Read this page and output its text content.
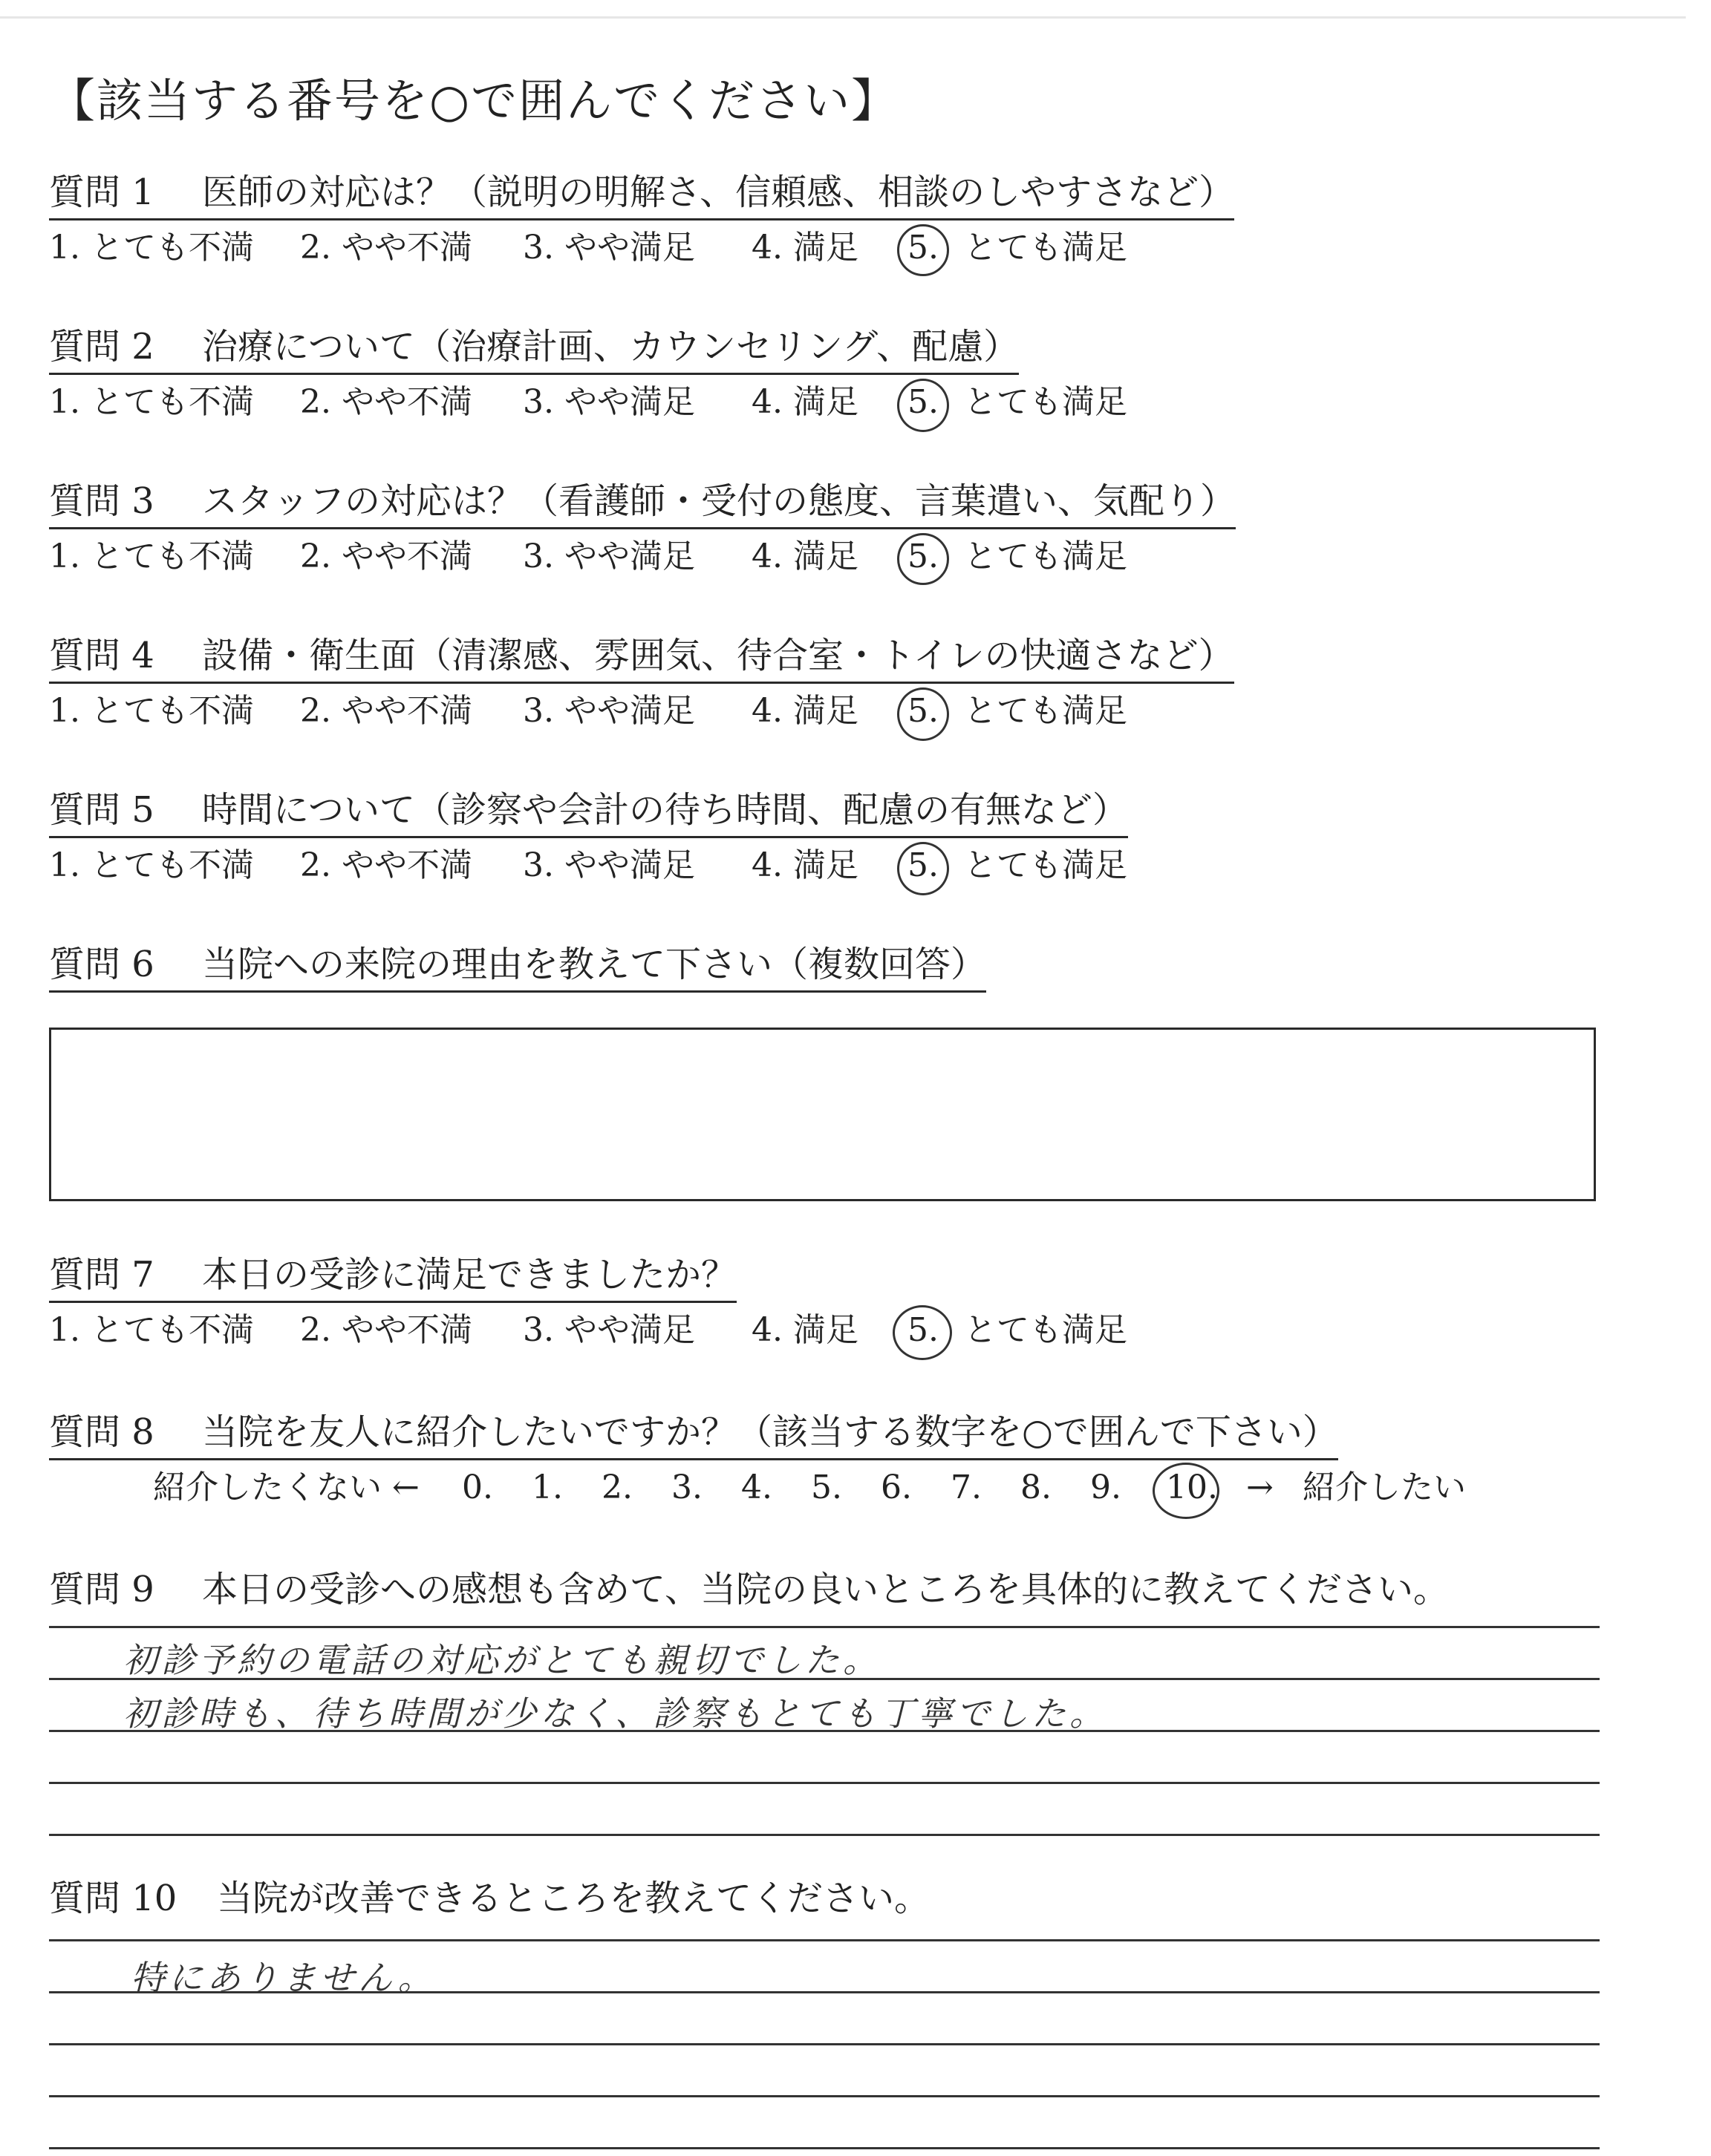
【該当する番号を○で囲んでください】
質問 1 医師の対応は？（説明の明解さ、信頼感、相談のしやすさなど）
1. とても不満 2. やや不満 3. やや満足 4. 満足 5. とても満足
質問 2 治療について（治療計画、カウンセリング、配慮）
1. とても不満 2. やや不満 3. やや満足 4. 満足 5. とても満足
質問 3 スタッフの対応は？（看護師・受付の態度、言葉遣い、気配り）
1. とても不満 2. やや不満 3. やや満足 4. 満足 5. とても満足
質問 4 設備・衛生面（清潔感、雰囲気、待合室・トイレの快適さなど）
1. とても不満 2. やや不満 3. やや満足 4. 満足 5. とても満足
質問 5 時間について（診察や会計の待ち時間、配慮の有無など）
1. とても不満 2. やや不満 3. やや満足 4. 満足 5. とても満足
質問 6 当院への来院の理由を教えて下さい（複数回答）
質問 7 本日の受診に満足できましたか？
1. とても不満 2. やや不満 3. やや満足 4. 満足 5. とても満足
質問 8 当院を友人に紹介したいですか？（該当する数字を○で囲んで下さい）
紹介したくない ← 0. 1. 2. 3. 4. 5. 6. 7. 8. 9. 10. → 紹介したい
質問 9 本日の受診への感想も含めて、当院の良いところを具体的に教えてください。
初診予約の電話の対応がとても親切でした。
初診時も、待ち時間が少なく、診察もとても丁寧でした。
質問 10 当院が改善できるところを教えてください。
特にありません。
